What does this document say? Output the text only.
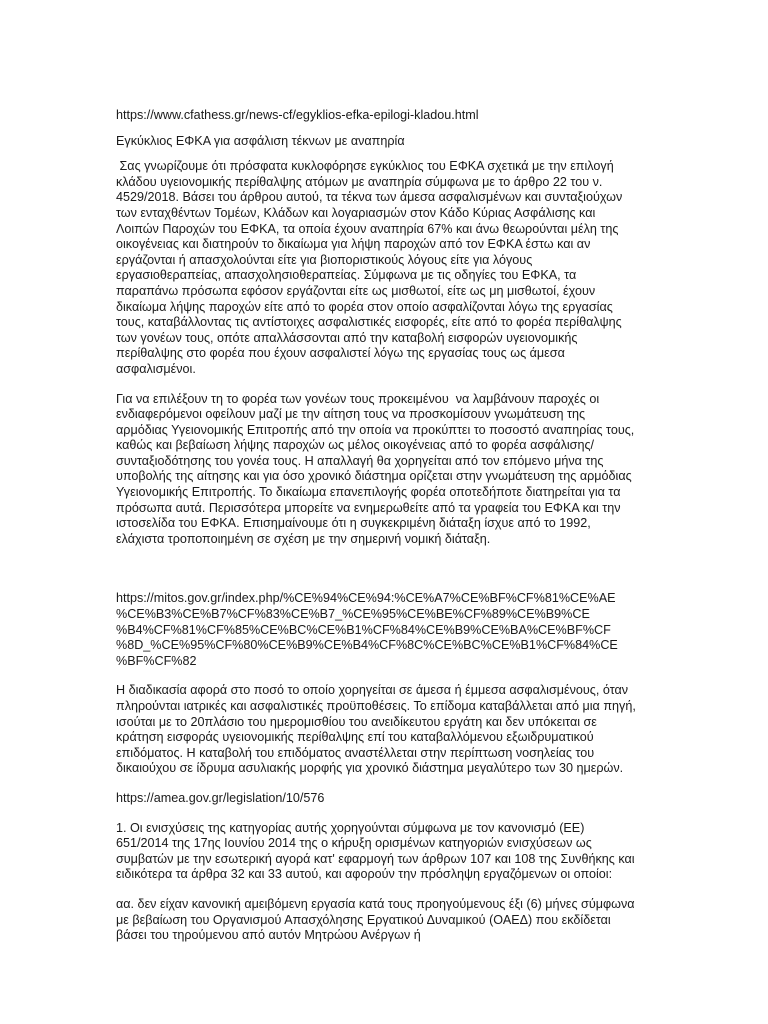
https://www.cfathess.gr/news-cf/egyklios-efka-epilogi-kladou.html

Εγκύκλιος ΕΦΚΑ για ασφάλιση τέκνων με αναπηρία

Σας γνωρίζουμε ότι πρόσφατα κυκλοφόρησε εγκύκλιος του ΕΦΚΑ σχετικά με την επιλογή κλάδου υγειονομικής περίθαλψης ατόμων με αναπηρία σύμφωνα με το άρθρο 22 του ν. 4529/2018. Βάσει του άρθρου αυτού, τα τέκνα των άμεσα ασφαλισμένων και συνταξιούχων των ενταχθέντων Τομέων, Κλάδων και λογαριασμών στον Κάδο Κύριας Ασφάλισης και Λοιπών Παροχών του ΕΦΚΑ, τα οποία έχουν αναπηρία 67% και άνω θεωρούνται μέλη της οικογένειας και διατηρούν το δικαίωμα για λήψη παροχών από τον ΕΦΚΑ έστω και αν εργάζονται ή απασχολούνται είτε για βιοποριστικούς λόγους είτε για λόγους εργασιοθεραπείας, απασχολησιοθεραπείας. Σύμφωνα με τις οδηγίες του ΕΦΚΑ, τα παραπάνω πρόσωπα εφόσον εργάζονται είτε ως μισθωτοί, είτε ως μη μισθωτοί, έχουν δικαίωμα λήψης παροχών είτε από το φορέα στον οποίο ασφαλίζονται λόγω της εργασίας τους, καταβάλλοντας τις αντίστοιχες ασφαλιστικές εισφορές, είτε από το φορέα περίθαλψης των γονέων τους, οπότε απαλλάσσονται από την καταβολή εισφορών υγειονομικής περίθαλψης στο φορέα που έχουν ασφαλιστεί λόγω της εργασίας τους ως άμεσα ασφαλισμένοι.

Για να επιλέξουν τη το φορέα των γονέων τους προκειμένου  να λαμβάνουν παροχές οι ενδιαφερόμενοι οφείλουν μαζί με την αίτηση τους να προσκομίσουν γνωμάτευση της αρμόδιας Υγειονομικής Επιτροπής από την οποία να προκύπτει το ποσοστό αναπηρίας τους, καθώς και βεβαίωση λήψης παροχών ως μέλος οικογένειας από το φορέα ασφάλισης/συνταξιοδότησης του γονέα τους. Η απαλλαγή θα χορηγείται από τον επόμενο μήνα της υποβολής της αίτησης και για όσο χρονικό διάστημα ορίζεται στην γνωμάτευση της αρμόδιας Υγειονομικής Επιτροπής. Το δικαίωμα επανεπιλογής φορέα οποτεδήποτε διατηρείται για τα πρόσωπα αυτά. Περισσότερα μπορείτε να ενημερωθείτε από τα γραφεία του ΕΦΚΑ και την ιστοσελίδα του ΕΦΚΑ. Επισημαίνουμε ότι η συγκεκριμένη διάταξη ίσχυε από το 1992, ελάχιστα τροποποιημένη σε σχέση με την σημερινή νομική διάταξη.

https://mitos.gov.gr/index.php/%CE%94%CE%94:%CE%A7%CE%BF%CF%81%CE%AE

%CE%B3%CE%B7%CF%83%CE%B7_%CE%95%CE%BE%CF%89%CE%B9%CE

%B4%CF%81%CF%85%CE%BC%CE%B1%CF%84%CE%B9%CE%BA%CE%BF%CF

%8D_%CE%95%CF%80%CE%B9%CE%B4%CF%8C%CE%BC%CE%B1%CF%84%CE

%BF%CF%82

Η διαδικασία αφορά στο ποσό το οποίο χορηγείται σε άμεσα ή έμμεσα ασφαλισμένους, όταν πληρούνται ιατρικές και ασφαλιστικές προϋποθέσεις. Το επίδομα καταβάλλεται από μια πηγή, ισούται με το 20πλάσιο του ημερομισθίου του ανειδίκευτου εργάτη και δεν υπόκειται σε κράτηση εισφοράς υγειονομικής περίθαλψης επί του καταβαλλόμενου εξωιδρυματικού επιδόματος. Η καταβολή του επιδόματος αναστέλλεται στην περίπτωση νοσηλείας του δικαιούχου σε ίδρυμα ασυλιακής μορφής για χρονικό διάστημα μεγαλύτερο των 30 ημερών.

https://amea.gov.gr/legislation/10/576

1. Οι ενισχύσεις της κατηγορίας αυτής χορηγούνται σύμφωνα με τον κανονισμό (ΕΕ) 651/2014 της 17ης Ιουνίου 2014 της ο κήρυξη ορισμένων κατηγοριών ενισχύσεων ως συμβατών με την εσωτερική αγορά κατ' εφαρμογή των άρθρων 107 και 108 της Συνθήκης και ειδικότερα τα άρθρα 32 και 33 αυτού, και αφορούν την πρόσληψη εργαζόμενων οι οποίοι:

αα. δεν είχαν κανονική αμειβόμενη εργασία κατά τους προηγούμενους έξι (6) μήνες σύμφωνα με βεβαίωση του Οργανισμού Απασχόλησης Εργατικού Δυναμικού (ΟΑΕΔ) που εκδίδεται βάσει του τηρούμενου από αυτόν Μητρώου Ανέργων ή
